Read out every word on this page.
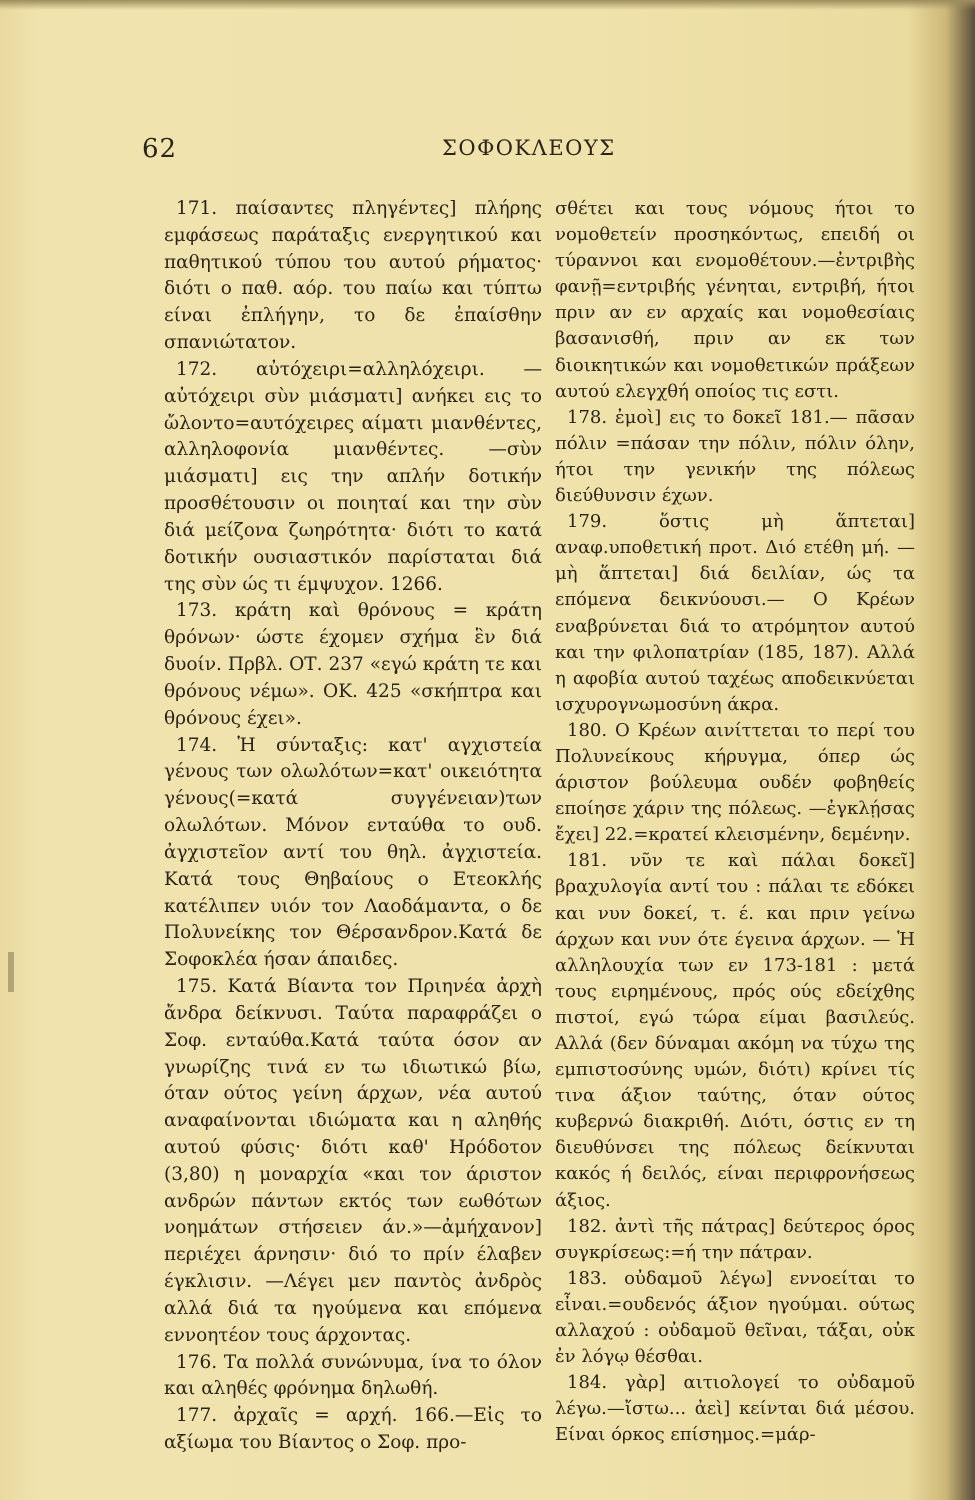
62	ΣΟΦΟΚΛΕΟΥΣ

171. παίσαντες πληγέντες] πλήρης εμφάσεως παράταξις ενεργητικού και παθητικού τύπου του αυτού ρήματος· διότι ο παθ. αόρ. του παίω και τύπτω είναι ἐπλήγην, το δε ἐπαίσθην σπανιώτατον.

172. αὐτόχειρι=αλληλόχειρι. — αὐτόχειρι σὺν μιάσματι] ανήκει εις το ὤλοντο=αυτόχειρες αίματι μιανθέντες, αλληλοφονία μιανθέντες. —σὺν μιάσματι] εις την απλήν δοτικήν προσθέτουσιν οι ποιηταί και την σὺν διά μείζονα ζωηρότητα· διότι το κατά δοτικήν ουσιαστικόν παρίσταται διά της σὺν ώς τι έμψυχον. 1266.

173. κράτη καὶ θρόνους = κράτη θρόνων· ώστε έχομεν σχήμα ἓν διά δυοίν. Πρβλ. ΟΤ. 237 «εγώ κράτη τε και θρόνους νέμω». ΟΚ. 425 «σκήπτρα και θρόνους έχει».

174. Ἡ σύνταξις: κατ' αγχιστεία γένους των ολωλότων=κατ' οικειότητα γένους(=κατά συγγένειαν)των ολωλότων. Μόνον ενταύθα το ουδ. ἀγχιστεῖον αντί του θηλ. ἀγχιστεία. Κατά τους Θηβαίους ο Ετεοκλής κατέλιπεν υιόν τον Λαοδάμαντα, ο δε Πολυνείκης τον Θέρσανδρον.Κατά δε Σοφοκλέα ήσαν άπαιδες.

175. Κατά Βίαντα τον Πριηνέα ἀρχὴ ἄνδρα δείκνυσι. Ταύτα παραφράζει ο Σοφ. ενταύθα.Κατά ταύτα όσον αν γνωρίζης τινά εν τω ιδιωτικώ βίω, όταν ούτος γείνη άρχων, νέα αυτού αναφαίνονται ιδιώματα και η αληθής αυτού φύσις· διότι καθ' Ηρόδοτον (3,80) η μοναρχία «και τον άριστον ανδρών πάντων εκτός των εωθότων νοημάτων στήσειεν άν.»—ἀμήχανον] περιέχει άρνησιν· διό το πρίν έλαβεν έγκλισιν. —Λέγει μεν παντὸς ἀνδρὸς αλλά διά τα ηγούμενα και επόμενα εννοητέον τους άρχοντας.

176. Τα πολλά συνώνυμα, ίνα το όλον και αληθές φρόνημα δηλωθή.

177. ἀρχαῖς = αρχή. 166.—Εἰς το αξίωμα του Βίαντος ο Σοφ. προ-

σθέτει και τους νόμους ήτοι το νομοθετείν προσηκόντως, επειδή οι τύραννοι και ενομοθέτουν.—ἐντριβὴς φανῇ=εντριβής γένηται, εντριβή, ήτοι πριν αν εν αρχαίς και νομοθεσίαις βασανισθή, πριν αν εκ των διοικητικών και νομοθετικών πράξεων αυτού ελεγχθή οποίος τις εστι.

178. ἐμοὶ] εις το δοκεῖ 181.— πᾶσαν πόλιν =πάσαν την πόλιν, πόλιν όλην, ήτοι την γενικήν της πόλεως διεύθυνσιν έχων.

179. ὅστις μὴ ἅπτεται] αναφ.υποθετική προτ. Διό ετέθη μή. — μὴ ἅπτεται] διά δειλίαν, ώς τα επόμενα δεικνύουσι.— Ο Κρέων εναβρύνεται διά το ατρόμητον αυτού και την φιλοπατρίαν (185, 187). Αλλά η αφοβία αυτού ταχέως αποδεικνύεται ισχυρογνωμοσύνη άκρα.

180. Ο Κρέων αινίττεται το περί του Πολυνείκους κήρυγμα, όπερ ώς άριστον βούλευμα ουδέν φοβηθείς εποίησε χάριν της πόλεως. —ἐγκλῄσας ἔχει] 22.=κρατεί κλεισμένην, δεμένην.

181. νῦν τε καὶ πάλαι δοκεῖ] βραχυλογία αντί του : πάλαι τε εδόκει και νυν δοκεί, τ. έ. και πριν γείνω άρχων και νυν ότε έγεινα άρχων. — Ἡ αλληλουχία των εν 173-181 : μετά τους ειρημένους, πρός ούς εδείχθης πιστοί, εγώ τώρα είμαι βασιλεύς. Αλλά (δεν δύναμαι ακόμη να τύχω της εμπιστοσύνης υμών, διότι) κρίνει τίς τινα άξιον ταύτης, όταν ούτος κυβερνώ διακριθή. Διότι, όστις εν τη διευθύνσει της πόλεως δείκνυται κακός ή δειλός, είναι περιφρονήσεως άξιος.

182. ἀντὶ τῆς πάτρας] δεύτερος όρος συγκρίσεως:=ή την πάτραν.

183. οὐδαμοῦ λέγω] εννοείται το εἶναι.=ουδενός άξιον ηγούμαι. ούτως αλλαχού : οὐδαμοῦ θεῖναι, τάξαι, οὐκ ἐν λόγῳ θέσθαι.

184. γὰρ] αιτιολογεί το οὐδαμοῦ λέγω.—ἴστω... ἀεὶ] κείνται διά μέσου. Είναι όρκος επίσημος.=μάρ-
